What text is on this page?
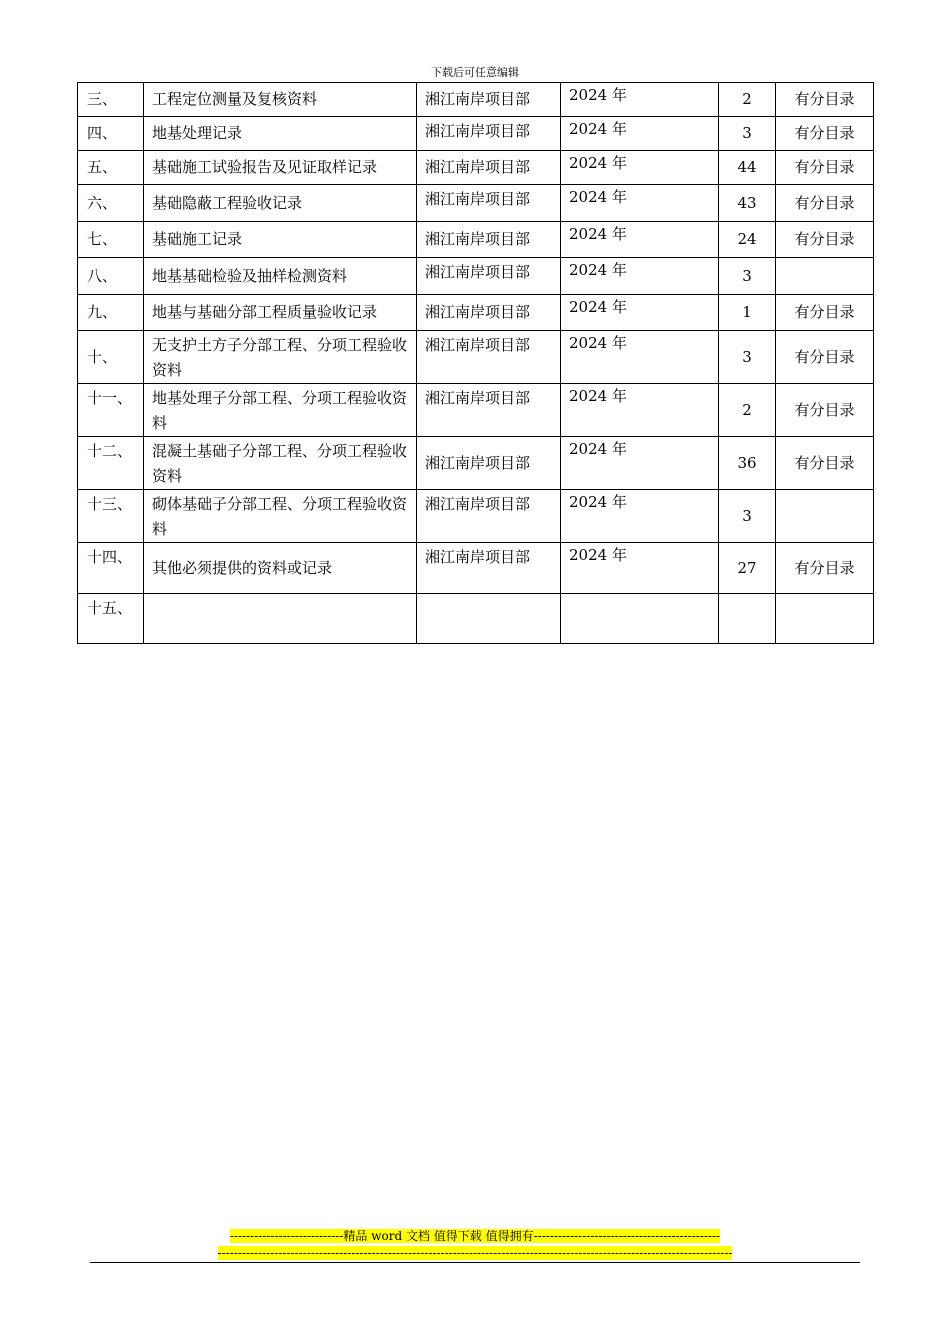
下载后可任意编辑
三、	工程定位测量及复核资料	湘江南岸项目部	2024 年	2	有分目录
四、	地基处理记录	湘江南岸项目部	2024 年	3	有分目录
五、	基础施工试验报告及见证取样记录	湘江南岸项目部	2024 年	44	有分目录
六、	基础隐蔽工程验收记录	湘江南岸项目部	2024 年	43	有分目录
七、	基础施工记录	湘江南岸项目部	2024 年	24	有分目录
八、	地基基础检验及抽样检测资料	湘江南岸项目部	2024 年	3	
九、	地基与基础分部工程质量验收记录	湘江南岸项目部	2024 年	1	有分目录
十、	无支护土方子分部工程、分项工程验收资料	湘江南岸项目部	2024 年	3	有分目录
十一、	地基处理子分部工程、分项工程验收资料	湘江南岸项目部	2024 年	2	有分目录
十二、	混凝土基础子分部工程、分项工程验收资料	湘江南岸项目部	2024 年	36	有分目录
十三、	砌体基础子分部工程、分项工程验收资料	湘江南岸项目部	2024 年	3	
十四、	其他必须提供的资料或记录	湘江南岸项目部	2024 年	27	有分目录
十五、					
----------------------------精品 word 文档 值得下载 值得拥有----------------------------------------------
-------------------------------------------------------------------------------------------------------------------------------
